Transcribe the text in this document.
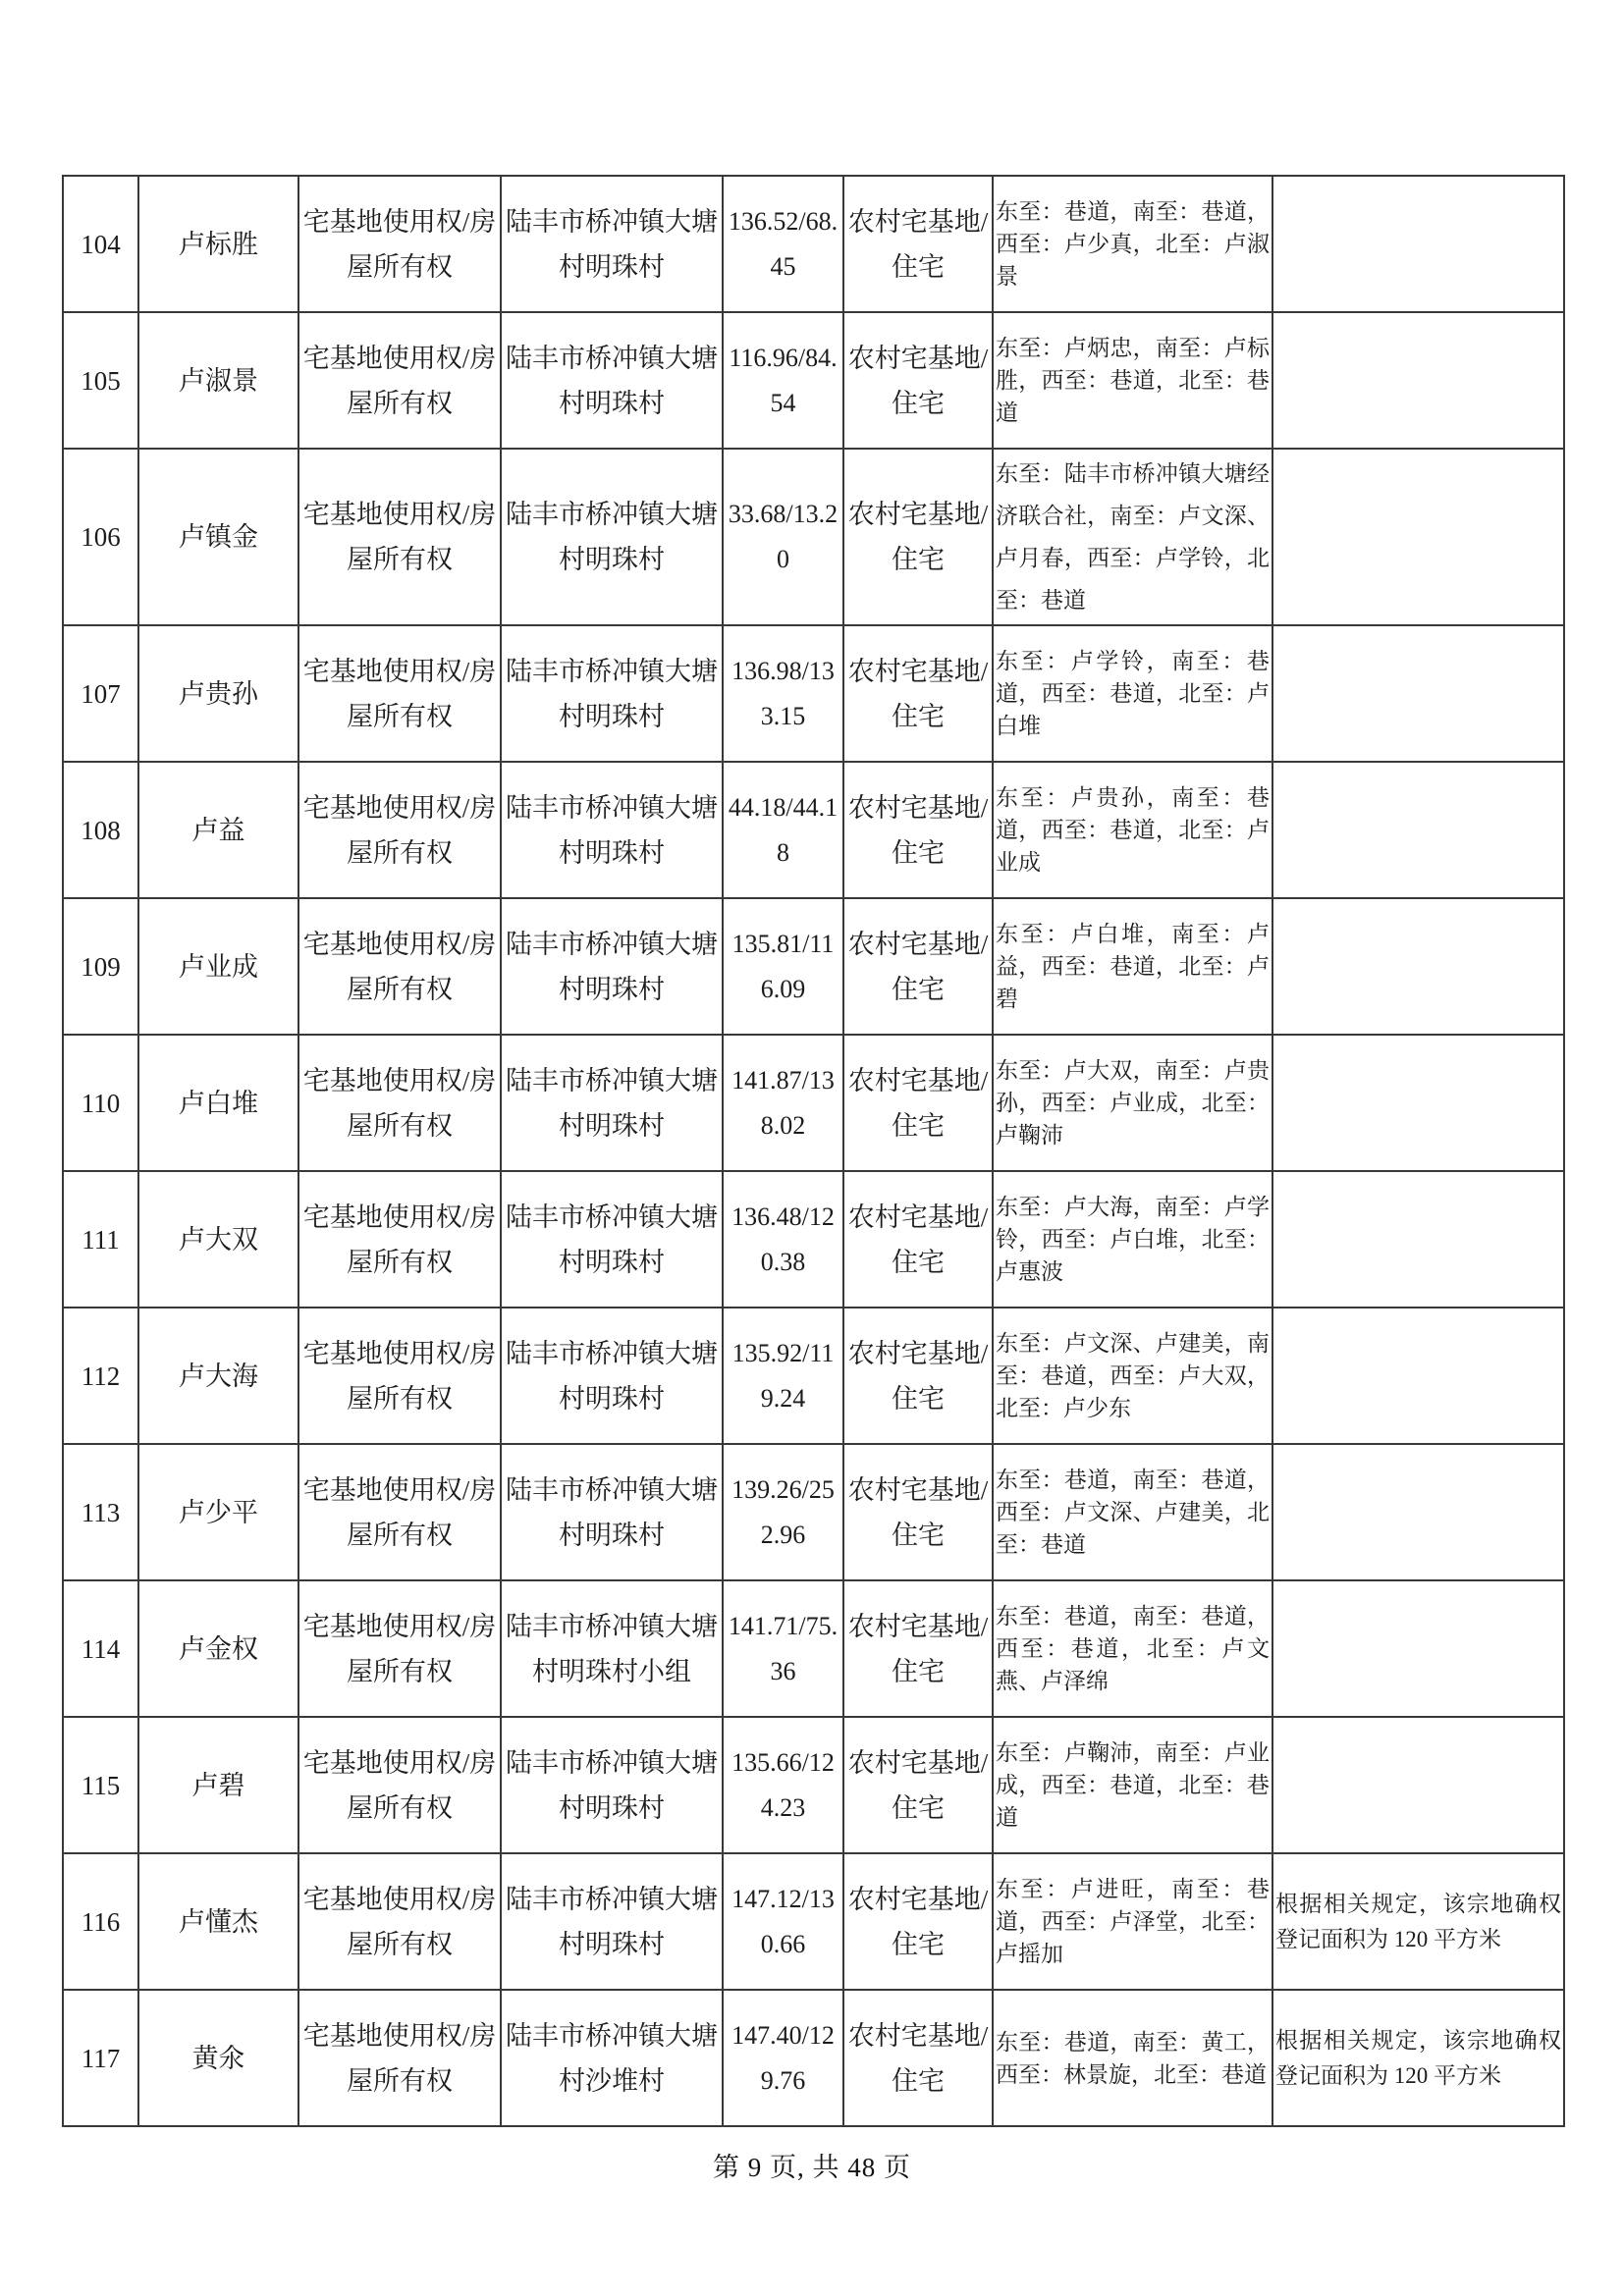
104	卢标胜	宅基地使用权/房屋所有权	陆丰市桥冲镇大塘村明珠村	136.52/68.45	农村宅基地/住宅	东至：巷道，南至：巷道，西至：卢少真，北至：卢淑景	
105	卢淑景	宅基地使用权/房屋所有权	陆丰市桥冲镇大塘村明珠村	116.96/84.54	农村宅基地/住宅	东至：卢炳忠，南至：卢标胜，西至：巷道，北至：巷道	
106	卢镇金	宅基地使用权/房屋所有权	陆丰市桥冲镇大塘村明珠村	33.68/13.20	农村宅基地/住宅	东至：陆丰市桥冲镇大塘经济联合社，南至：卢文深、卢月春，西至：卢学铃，北至：巷道	
107	卢贵孙	宅基地使用权/房屋所有权	陆丰市桥冲镇大塘村明珠村	136.98/133.15	农村宅基地/住宅	东至：卢学铃，南至：巷道，西至：巷道，北至：卢白堆	
108	卢益	宅基地使用权/房屋所有权	陆丰市桥冲镇大塘村明珠村	44.18/44.18	农村宅基地/住宅	东至：卢贵孙，南至：巷道，西至：巷道，北至：卢业成	
109	卢业成	宅基地使用权/房屋所有权	陆丰市桥冲镇大塘村明珠村	135.81/116.09	农村宅基地/住宅	东至：卢白堆，南至：卢益，西至：巷道，北至：卢碧	
110	卢白堆	宅基地使用权/房屋所有权	陆丰市桥冲镇大塘村明珠村	141.87/138.02	农村宅基地/住宅	东至：卢大双，南至：卢贵孙，西至：卢业成，北至：卢鞠沛	
111	卢大双	宅基地使用权/房屋所有权	陆丰市桥冲镇大塘村明珠村	136.48/120.38	农村宅基地/住宅	东至：卢大海，南至：卢学铃，西至：卢白堆，北至：卢惠波	
112	卢大海	宅基地使用权/房屋所有权	陆丰市桥冲镇大塘村明珠村	135.92/119.24	农村宅基地/住宅	东至：卢文深、卢建美，南至：巷道，西至：卢大双，北至：卢少东	
113	卢少平	宅基地使用权/房屋所有权	陆丰市桥冲镇大塘村明珠村	139.26/252.96	农村宅基地/住宅	东至：巷道，南至：巷道，西至：卢文深、卢建美，北至：巷道	
114	卢金权	宅基地使用权/房屋所有权	陆丰市桥冲镇大塘村明珠村小组	141.71/75.36	农村宅基地/住宅	东至：巷道，南至：巷道，西至：巷道，北至：卢文燕、卢泽绵	
115	卢碧	宅基地使用权/房屋所有权	陆丰市桥冲镇大塘村明珠村	135.66/124.23	农村宅基地/住宅	东至：卢鞠沛，南至：卢业成，西至：巷道，北至：巷道	
116	卢懂杰	宅基地使用权/房屋所有权	陆丰市桥冲镇大塘村明珠村	147.12/130.66	农村宅基地/住宅	东至：卢进旺，南至：巷道，西至：卢泽堂，北至：卢摇加	根据相关规定，该宗地确权登记面积为 120 平方米
117	黄氽	宅基地使用权/房屋所有权	陆丰市桥冲镇大塘村沙堆村	147.40/129.76	农村宅基地/住宅	东至：巷道，南至：黄工，西至：林景旋，北至：巷道	根据相关规定，该宗地确权登记面积为 120 平方米
第 9 页, 共 48 页
